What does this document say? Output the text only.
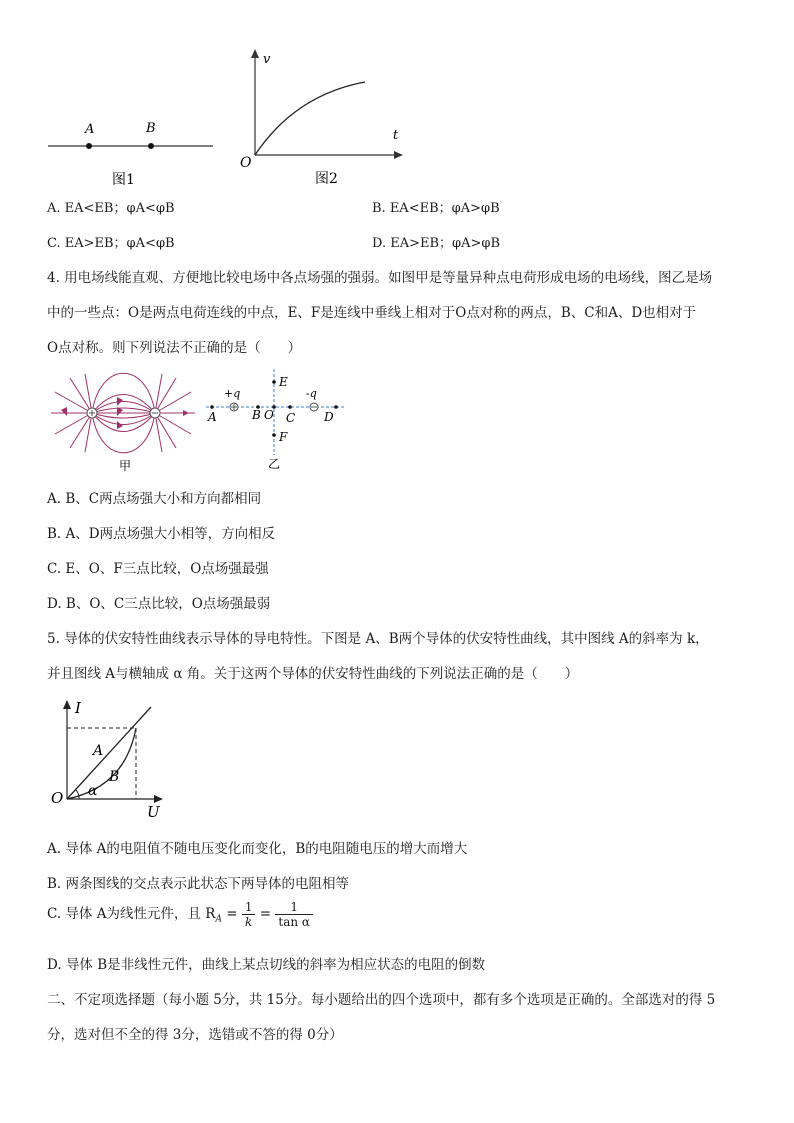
A	B
图1
v
t
O
图2
A. EA<EB；φA<φB	B. EA<EB；φA>φB
C. EA>EB；φA<φB	D. EA>EB；φA>φB
4. 用电场线能直观、方便地比较电场中各点场强的强弱。如图甲是等量异种点电荷形成电场的电场线，图乙是场
中的一些点：O是两点电荷连线的中点，E、F是连线中垂线上相对于O点对称的两点，B、C和A、D也相对于
O点对称。则下列说法不正确的是（　　）
甲
+q	-q
A	B O C D
E
F
乙
A. B、C两点场强大小和方向都相同
B. A、D两点场强大小相等，方向相反
C. E、O、F三点比较，O点场强最强
D. B、O、C三点比较，O点场强最弱
5. 导体的伏安特性曲线表示导体的导电特性。下图是 A、B两个导体的伏安特性曲线，其中图线 A的斜率为 k，
并且图线 A与横轴成 α 角。关于这两个导体的伏安特性曲线的下列说法正确的是（　　）
I
U
O
A
B
α
A. 导体 A的电阻值不随电压变化而变化，B的电阻随电压的增大而增大
B. 两条图线的交点表示此状态下两导体的电阻相等
C. 导体 A为线性元件，且 $R_A = \frac{1}{k} = \frac{1}{\text{tan α}}$
D. 导体 B是非线性元件，曲线上某点切线的斜率为相应状态的电阻的倒数
二、不定项选择题（每小题 5分，共 15分。每小题给出的四个选项中，都有多个选项是正确的。全部选对的得 5
分，选对但不全的得 3分，选错或不答的得 0分）
